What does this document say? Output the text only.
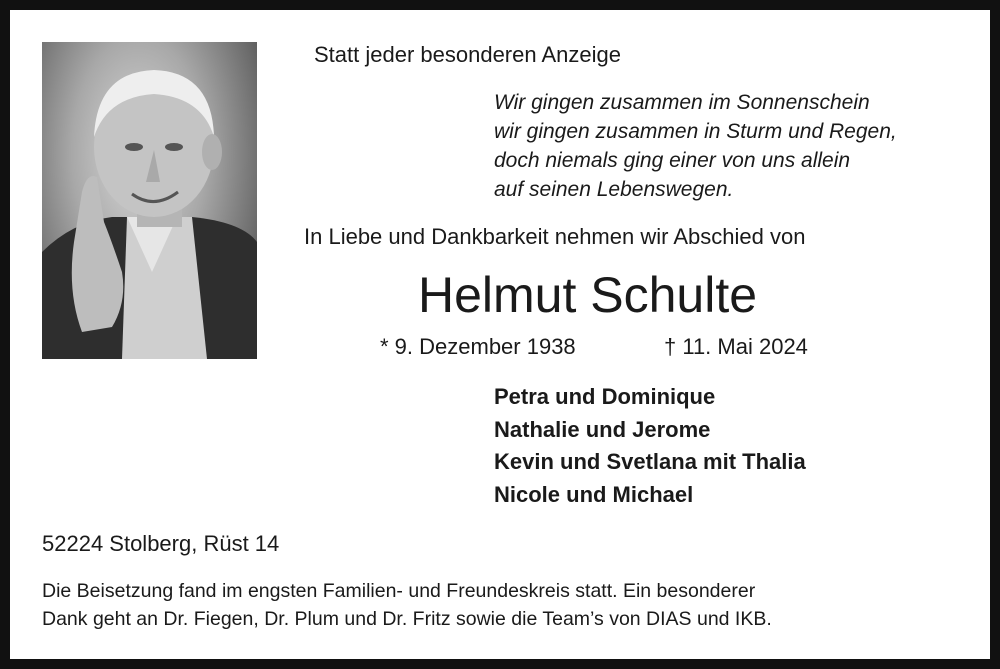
Statt jeder besonderen Anzeige
Wir gingen zusammen im Sonnenschein
wir gingen zusammen in Sturm und Regen,
doch niemals ging einer von uns allein
auf seinen Lebenswegen.
In Liebe und Dankbarkeit nehmen wir Abschied von
Helmut Schulte
* 9. Dezember 1938	† 11. Mai 2024
Petra und Dominique
Nathalie und Jerome
Kevin und Svetlana mit Thalia
Nicole und Michael
52224 Stolberg, Rüst 14
Die Beisetzung fand im engsten Familien- und Freundeskreis statt. Ein besonderer
Dank geht an Dr. Fiegen, Dr. Plum und Dr. Fritz sowie die Team’s von DIAS und IKB.
